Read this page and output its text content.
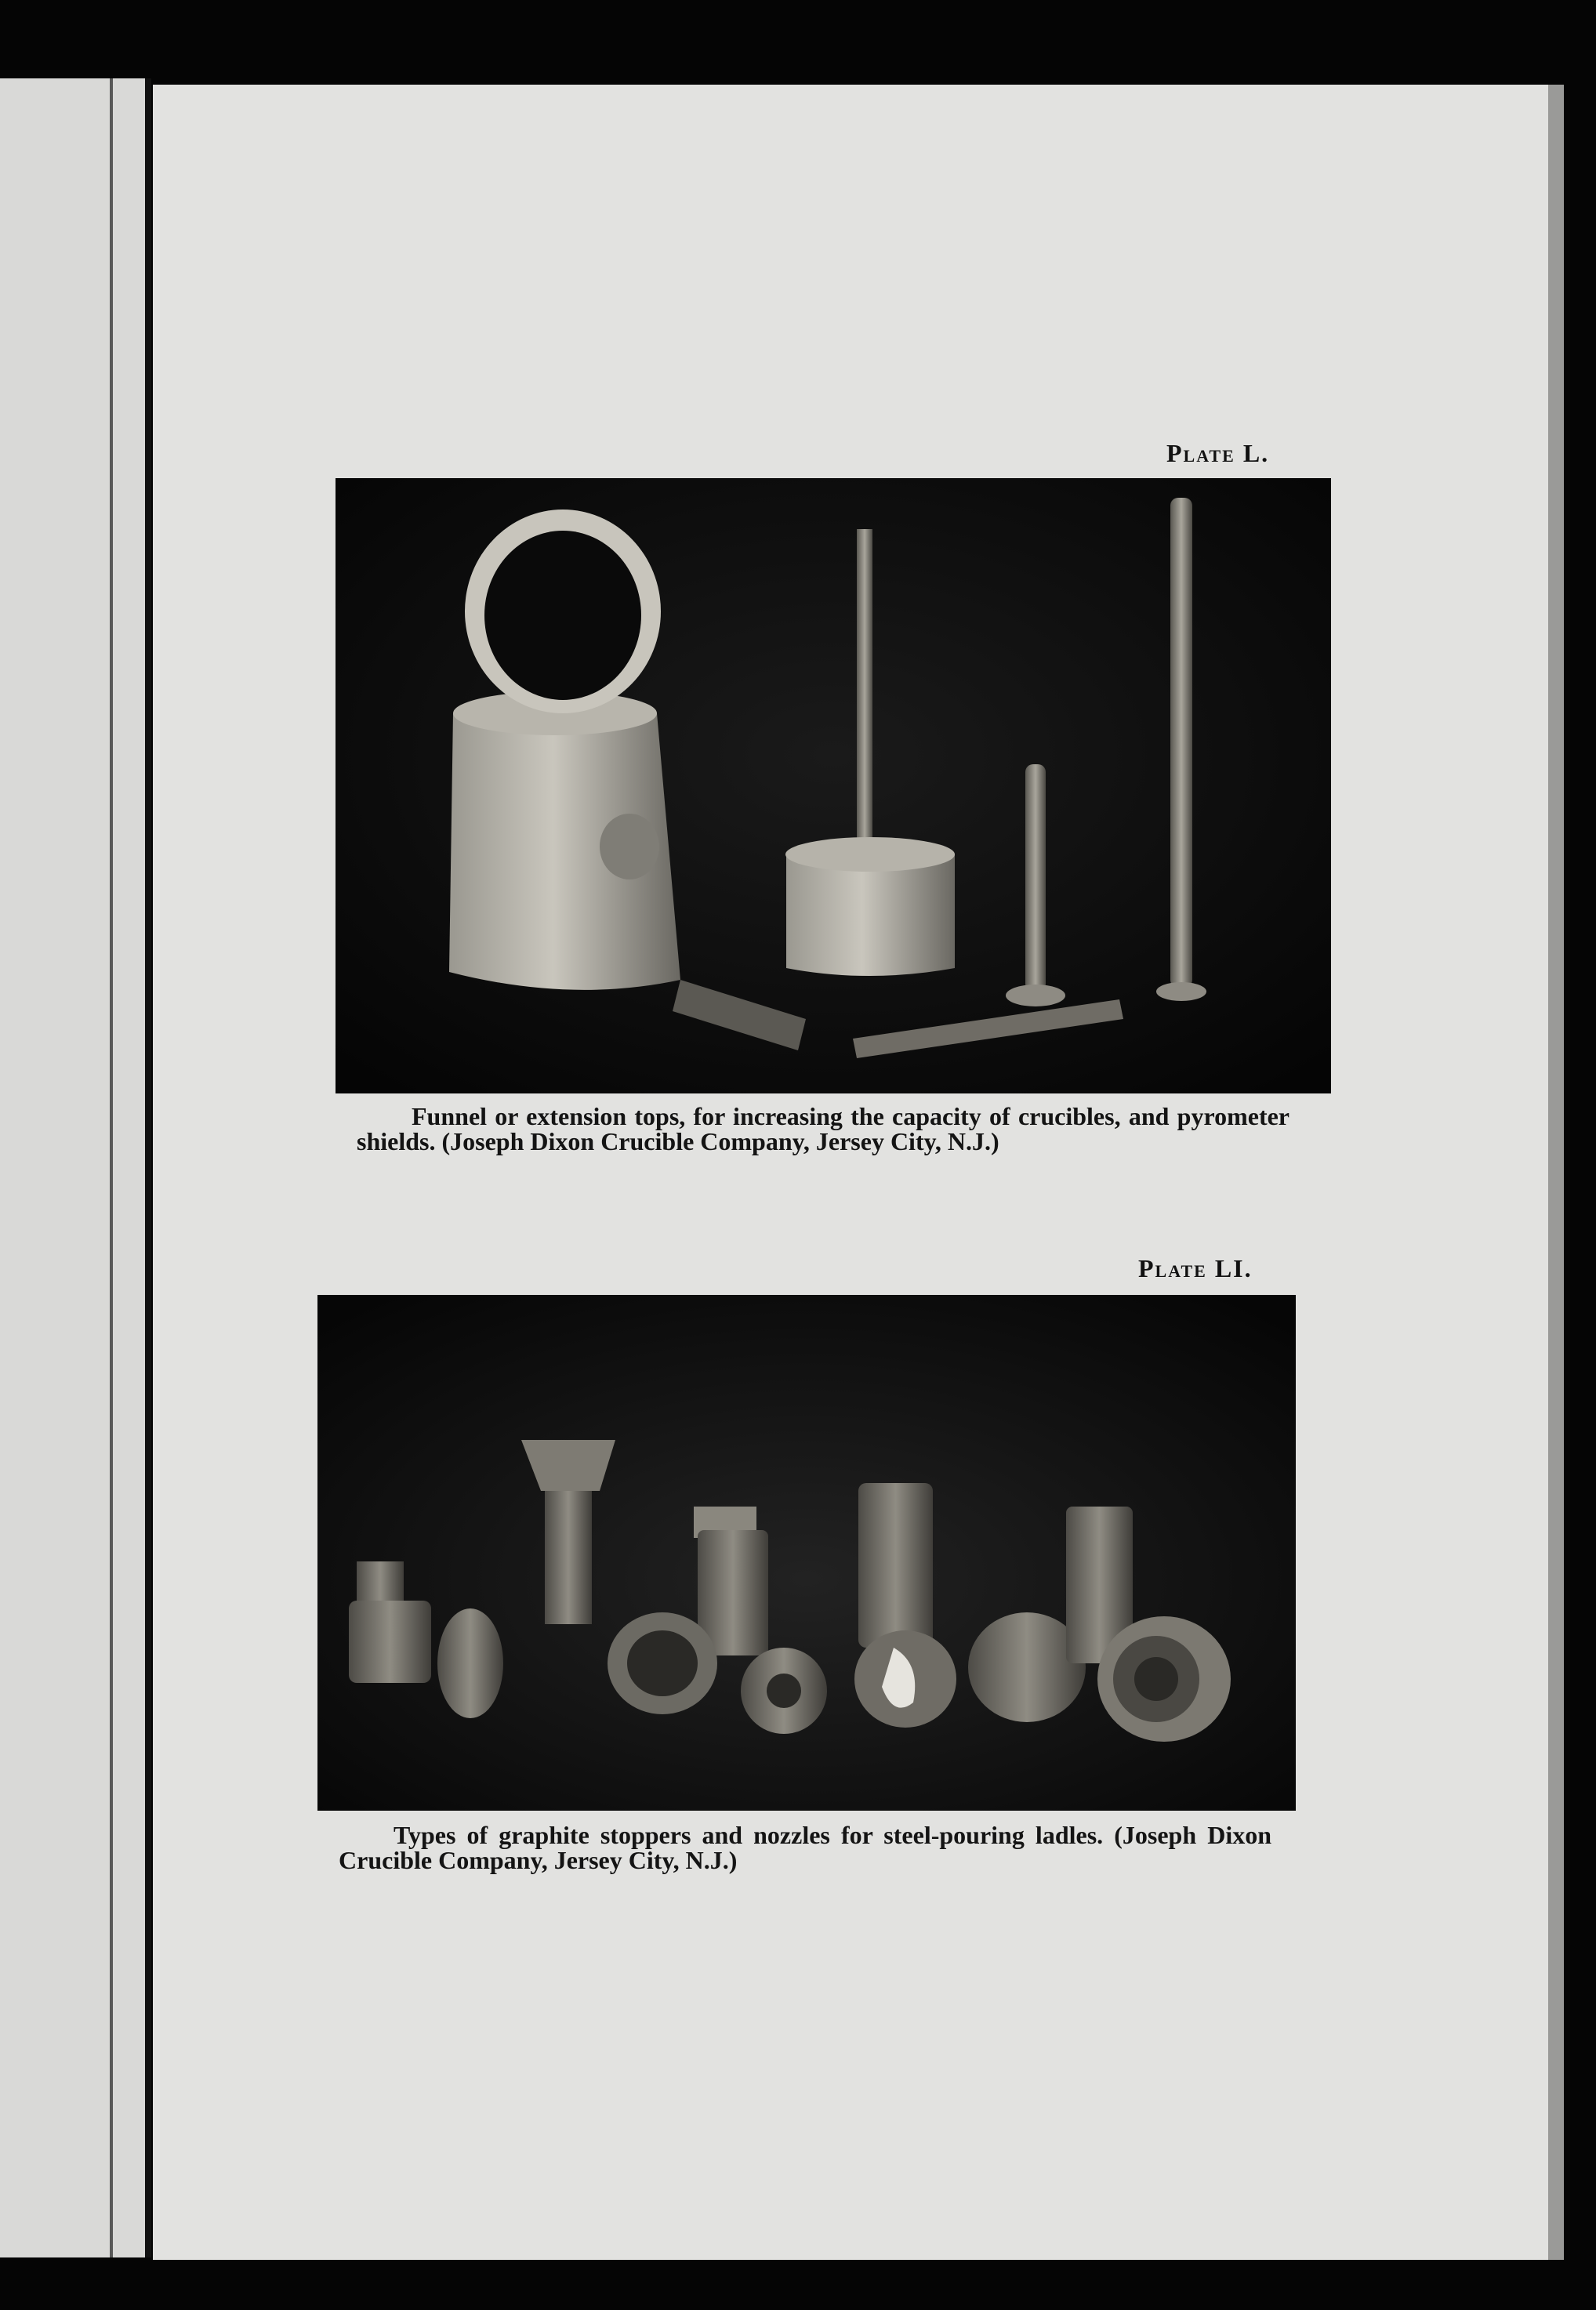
Plate L.
Funnel or extension tops, for increasing the capacity of crucibles, and pyrometer shields. (Joseph Dixon Crucible Company, Jersey City, N.J.)
Plate LI.
Types of graphite stoppers and nozzles for steel-pouring ladles. (Joseph Dixon Crucible Company, Jersey City, N.J.)
